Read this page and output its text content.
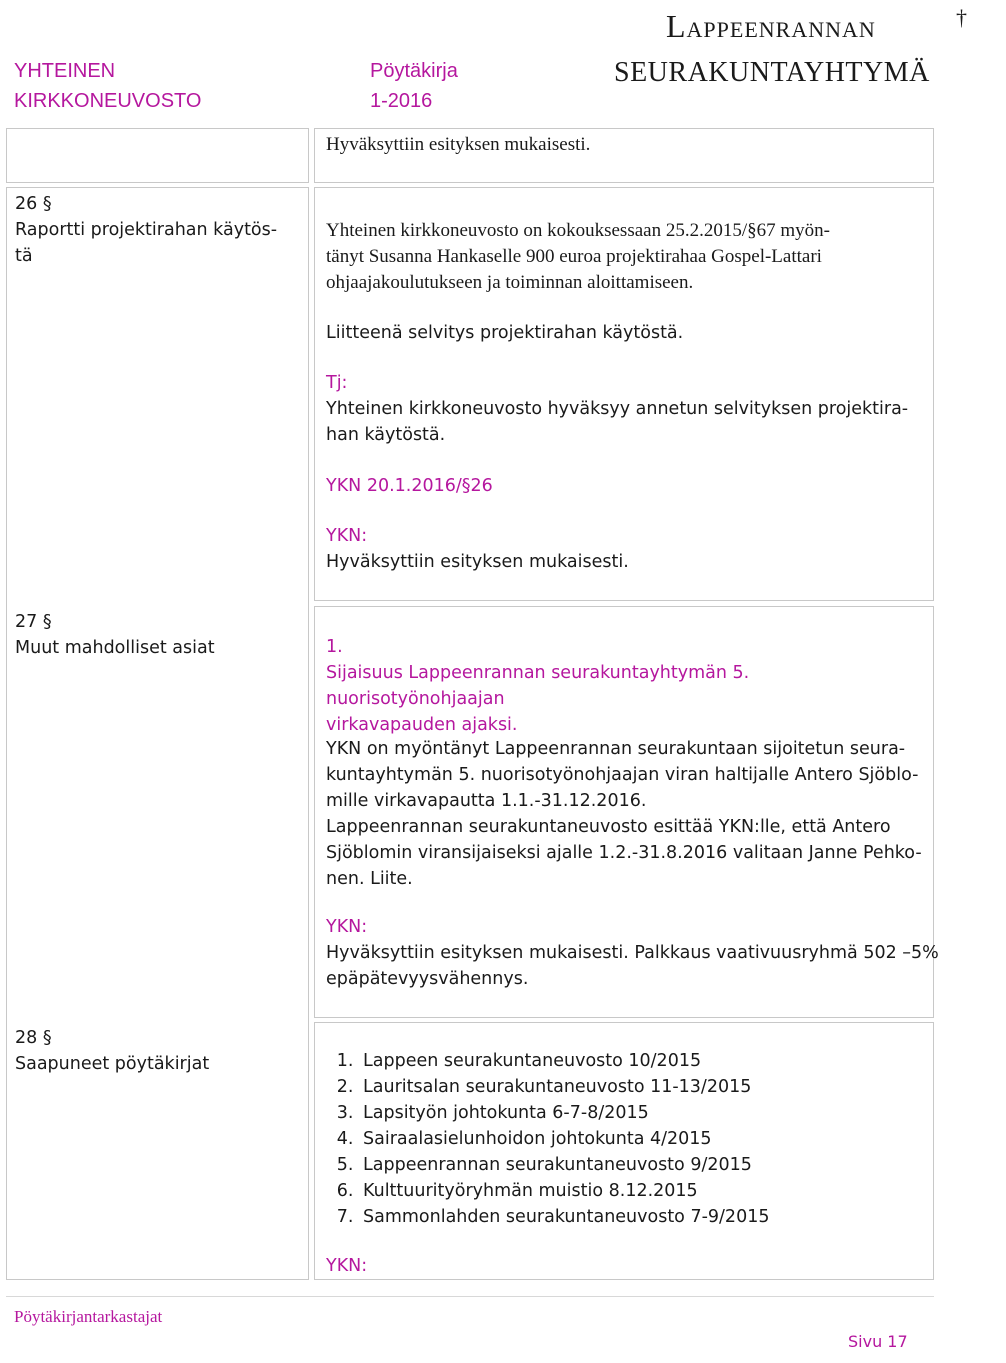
YHTEINEN
KIRKKONEUVOSTO
Pöytäkirja
1-2016
Lappeenrannan	†
SEURAKUNTAYHTYMÄ
Hyväksyttiin esityksen mukaisesti.
26 §
Raportti projektirahan käytös-
tä
Yhteinen kirkkoneuvosto on kokouksessaan 25.2.2015/§67 myön-
tänyt Susanna Hankaselle 900 euroa projektirahaa Gospel-Lattari
ohjaajakoulutukseen ja toiminnan aloittamiseen.
Liitteenä selvitys projektirahan käytöstä.
Tj:
Yhteinen kirkkoneuvosto hyväksyy annetun selvityksen projektira-
han käytöstä.
YKN 20.1.2016/§26
YKN:
Hyväksyttiin esityksen mukaisesti.
27 §
Muut mahdolliset asiat	1.
Sijaisuus Lappeenrannan seurakuntayhtymän 5. nuorisotyönohjaajan
virkavapauden ajaksi.
YKN on myöntänyt Lappeenrannan seurakuntaan sijoitetun seura-
kuntayhtymän 5. nuorisotyönohjaajan viran haltijalle Antero Sjöblo-
mille virkavapautta 1.1.-31.12.2016.
Lappeenrannan seurakuntaneuvosto esittää YKN:lle, että Antero
Sjöblomin viransijaiseksi ajalle 1.2.-31.8.2016 valitaan Janne Pehko-
nen. Liite.
YKN:
Hyväksyttiin esityksen mukaisesti. Palkkaus vaativuusryhmä 502 –5%
epäpätevyysvähennys.
28 §
Saapuneet pöytäkirjat
1.	Lappeen seurakuntaneuvosto 10/2015
2. Lauritsalan seurakuntaneuvosto 11-13/2015
3. Lapsityön johtokunta 6-7-8/2015
4. Sairaalasielunhoidon johtokunta 4/2015
5. Lappeenrannan seurakuntaneuvosto 9/2015
6. Kulttuurityöryhmän muistio 8.12.2015
7. Sammonlahden seurakuntaneuvosto 7-9/2015
YKN:
Pöytäkirjantarkastajat
Sivu 17
